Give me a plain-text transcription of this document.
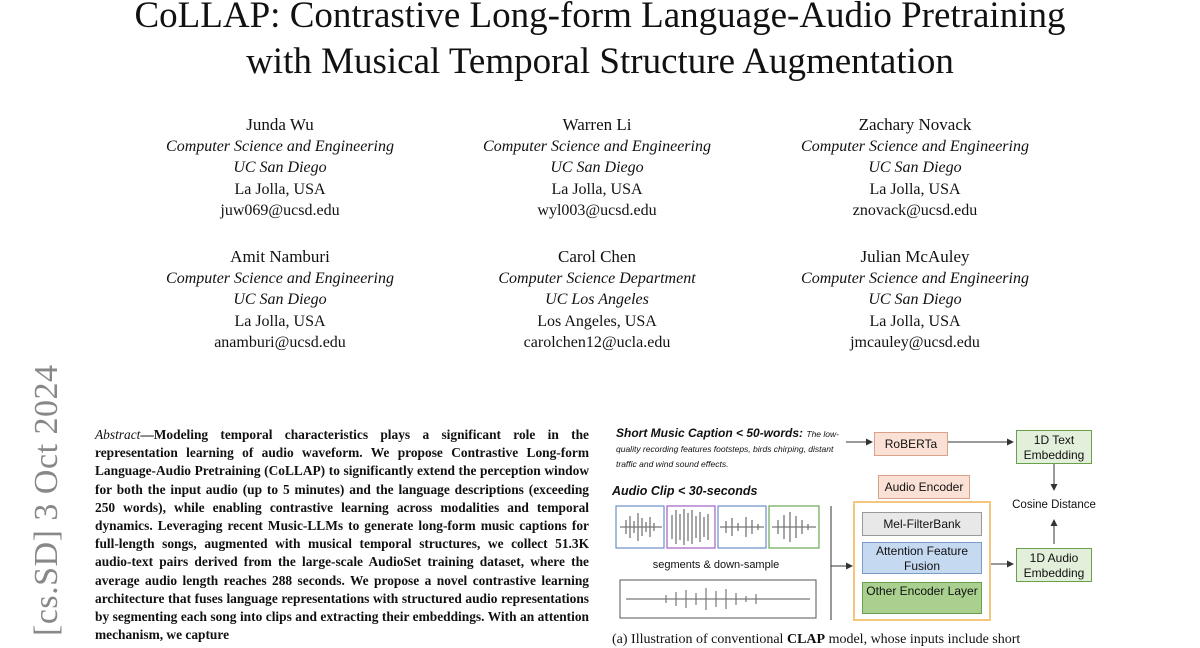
CoLLAP: Contrastive Long-form Language-Audio Pretraining
with Musical Temporal Structure Augmentation
Junda Wu
Computer Science and Engineering
UC San Diego
La Jolla, USA
juw069@ucsd.edu
Warren Li
Computer Science and Engineering
UC San Diego
La Jolla, USA
wyl003@ucsd.edu
Zachary Novack
Computer Science and Engineering
UC San Diego
La Jolla, USA
znovack@ucsd.edu
Amit Namburi
Computer Science and Engineering
UC San Diego
La Jolla, USA
anamburi@ucsd.edu
Carol Chen
Computer Science Department
UC Los Angeles
Los Angeles, USA
carolchen12@ucla.edu
Julian McAuley
Computer Science and Engineering
UC San Diego
La Jolla, USA
jmcauley@ucsd.edu
[cs.SD] 3 Oct 2024 Abstract—Modeling temporal characteristics plays a significant role in the representation learning of audio waveform. We propose Contrastive Long-form Language-Audio Pretraining (CoLLAP) to significantly extend the perception window for both the input audio (up to 5 minutes) and the language descriptions (exceeding 250 words), while enabling contrastive learning across modalities and temporal dynamics. Leveraging recent Music-LLMs to generate long-form music captions for full-length songs, augmented with musical temporal structures, we collect 51.3K audio-text pairs derived from the large-scale AudioSet training dataset, where the average audio length reaches 288 seconds. We propose a novel contrastive learning architecture that fuses language representations with structured audio representations by segmenting each song into clips and extracting their embeddings. With an attention mechanism, we capture
Short Music Caption < 50-words: The low-quality recording features footsteps, birds chirping, distant traffic and wind sound effects.
Audio Clip < 30-seconds
segments & down-sample
RoBERTa
Audio Encoder
Mel-FilterBank
Attention Feature Fusion
Other Encoder Layer
1D Text Embedding
Cosine Distance
1D Audio Embedding
(a) Illustration of conventional CLAP model, whose inputs include short
